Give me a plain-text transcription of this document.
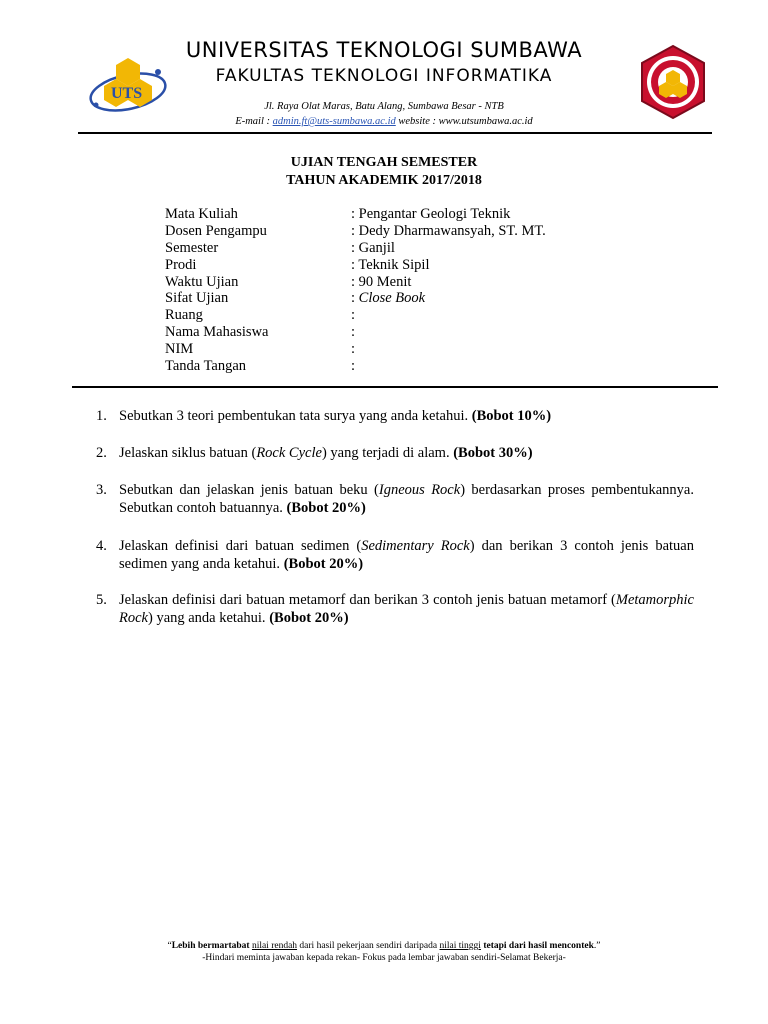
UTS
UNIVERSITAS TEKNOLOGI SUMBAWA
FAKULTAS TEKNOLOGI INFORMATIKA
Jl. Raya Olat Maras, Batu Alang, Sumbawa Besar - NTB
E-mail : admin.ft@uts-sumbawa.ac.id website : www.utsumbawa.ac.id
UJIAN TENGAH SEMESTER
TAHUN AKADEMIK 2017/2018
Mata Kuliah	: Pengantar Geologi Teknik
Dosen Pengampu	: Dedy Dharmawansyah, ST. MT.
Semester	: Ganjil
Prodi	: Teknik Sipil
Waktu Ujian	: 90 Menit
Sifat Ujian	: Close Book
Ruang	:
Nama Mahasiswa	:
NIM	:
Tanda Tangan	:
1. Sebutkan 3 teori pembentukan tata surya yang anda ketahui. (Bobot 10%)
2. Jelaskan siklus batuan (Rock Cycle) yang terjadi di alam. (Bobot 30%)
3. Sebutkan dan jelaskan jenis batuan beku (Igneous Rock) berdasarkan proses pembentukannya. Sebutkan contoh batuannya. (Bobot 20%)
4. Jelaskan definisi dari batuan sedimen (Sedimentary Rock) dan berikan 3 contoh jenis batuan sedimen yang anda ketahui. (Bobot 20%)
5. Jelaskan definisi dari batuan metamorf dan berikan 3 contoh jenis batuan metamorf (Metamorphic Rock) yang anda ketahui. (Bobot 20%)
“Lebih bermartabat nilai rendah dari hasil pekerjaan sendiri daripada nilai tinggi tetapi dari hasil mencontek.”
-Hindari meminta jawaban kepada rekan- Fokus pada lembar jawaban sendiri-Selamat Bekerja-
